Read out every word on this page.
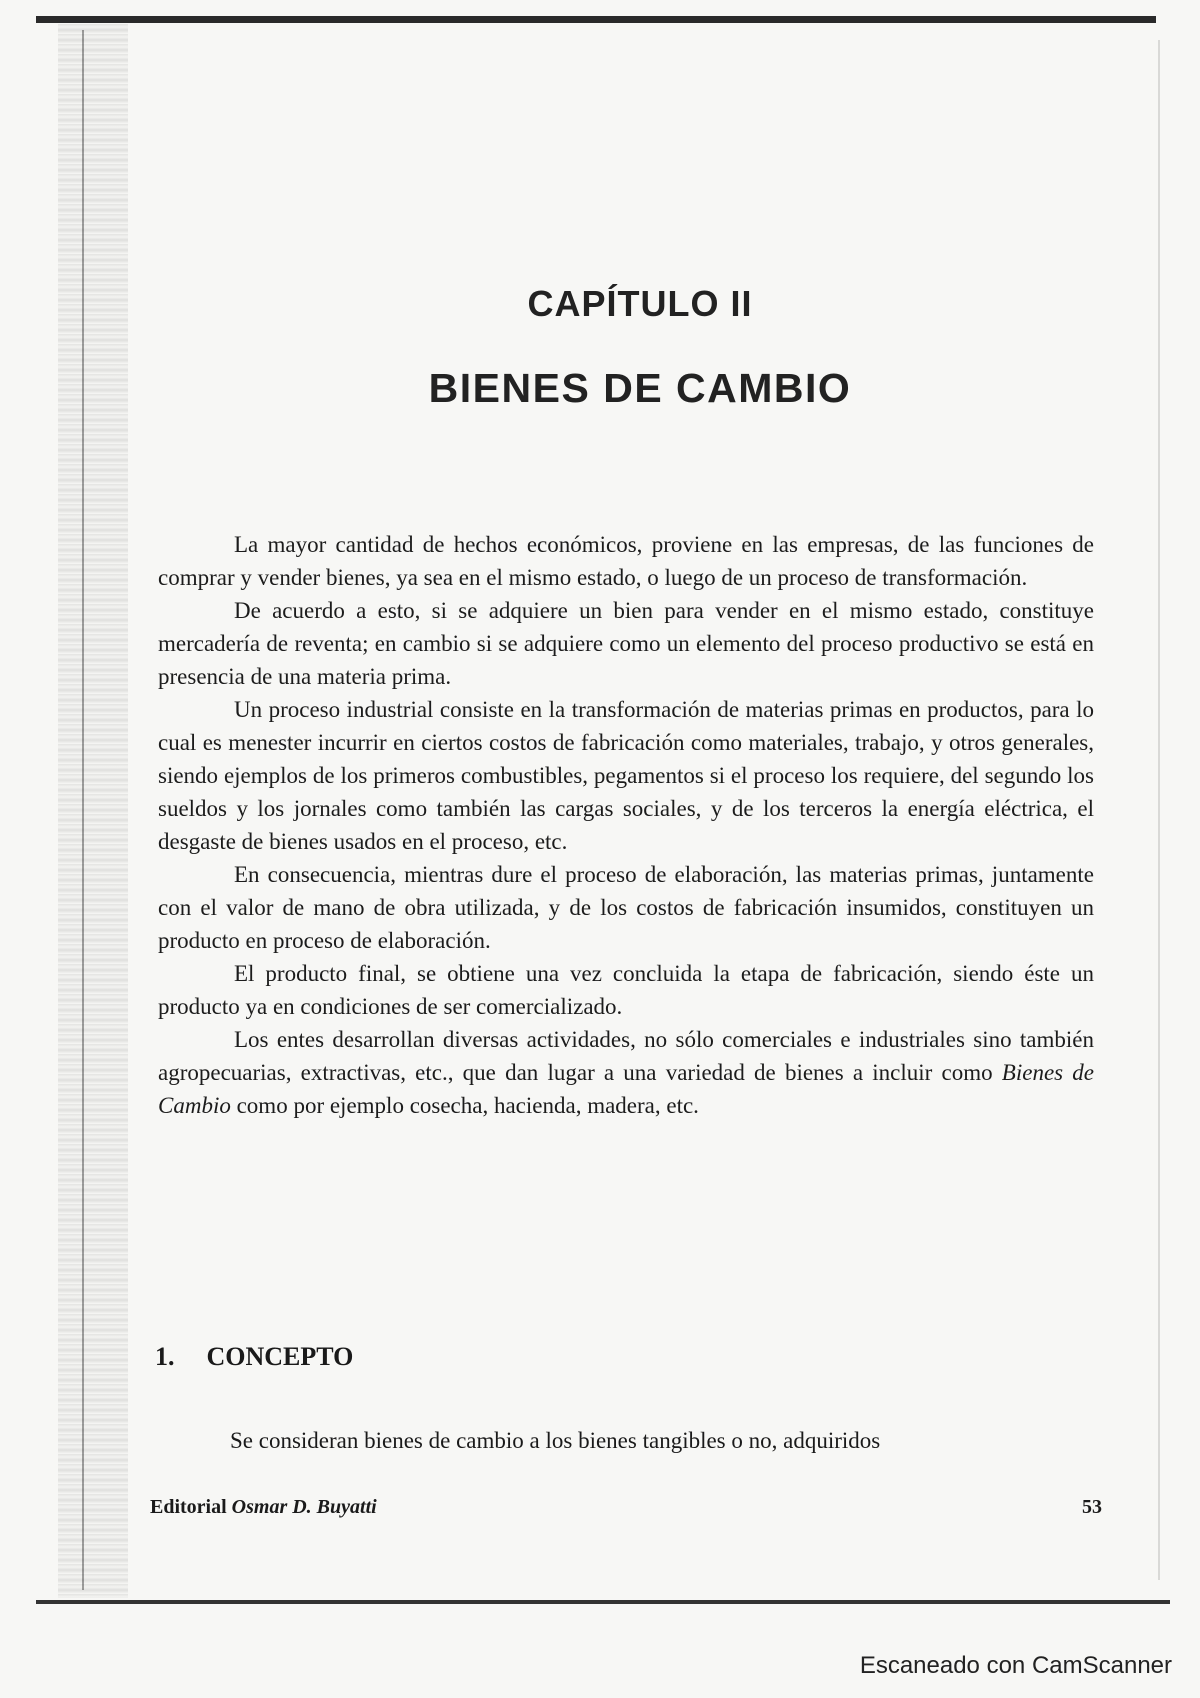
CAPÍTULO II
BIENES DE CAMBIO

La mayor cantidad de hechos económicos, proviene en las empresas, de las funciones de comprar y vender bienes, ya sea en el mismo estado, o luego de un proceso de transformación.

De acuerdo a esto, si se adquiere un bien para vender en el mismo estado, constituye mercadería de reventa; en cambio si se adquiere como un elemento del proceso productivo se está en presencia de una materia prima.

Un proceso industrial consiste en la transformación de materias primas en productos, para lo cual es menester incurrir en ciertos costos de fabricación como materiales, trabajo, y otros generales, siendo ejemplos de los primeros combustibles, pegamentos si el proceso los requiere, del segundo los sueldos y los jornales como también las cargas sociales, y de los terceros la energía eléctrica, el desgaste de bienes usados en el proceso, etc.

En consecuencia, mientras dure el proceso de elaboración, las materias primas, juntamente con el valor de mano de obra utilizada, y de los costos de fabricación insumidos, constituyen un producto en proceso de elaboración.

El producto final, se obtiene una vez concluida la etapa de fabricación, siendo éste un producto ya en condiciones de ser comercializado.

Los entes desarrollan diversas actividades, no sólo comerciales e industriales sino también agropecuarias, extractivas, etc., que dan lugar a una variedad de bienes a incluir como Bienes de Cambio como por ejemplo cosecha, hacienda, madera, etc.

1. CONCEPTO
Se consideran bienes de cambio a los bienes tangibles o no, adquiridos
Editorial Osmar D. Buyatti	53
Escaneado con CamScanner
